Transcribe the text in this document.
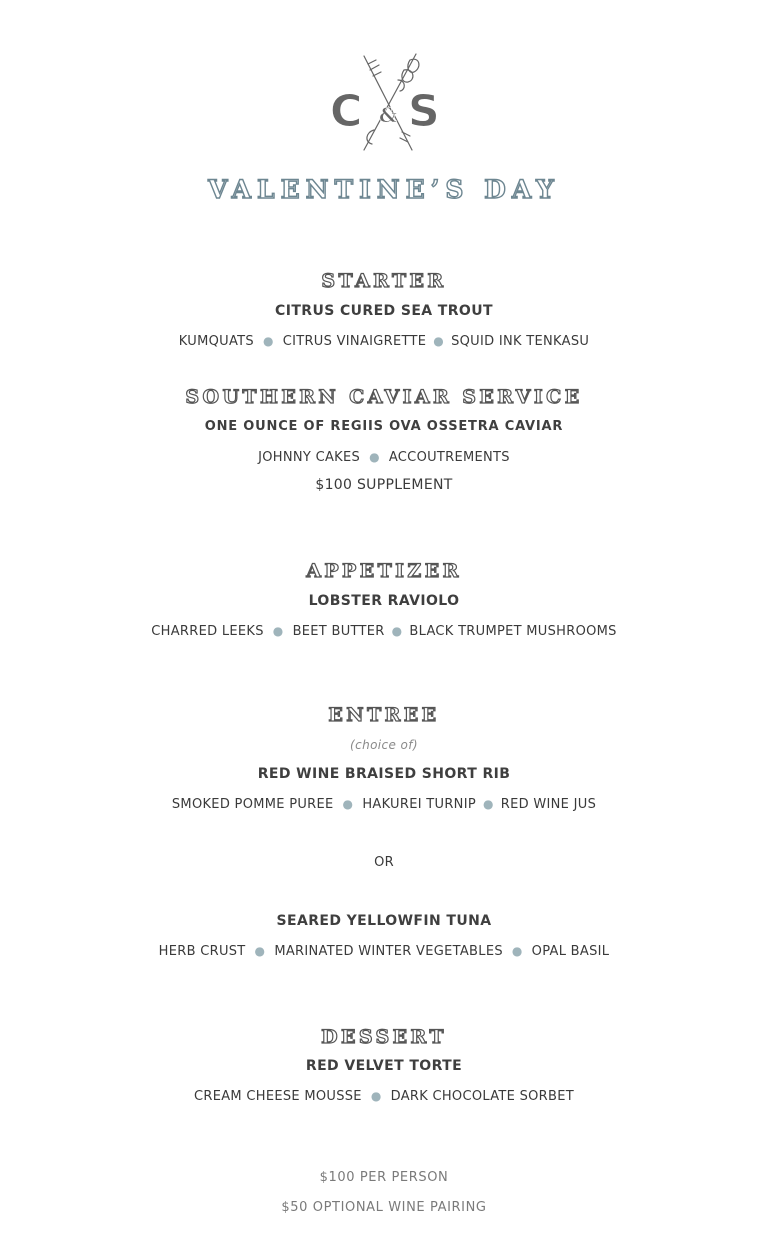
C & S
VALENTINE’S DAY
STARTER
CITRUS CURED SEA TROUT
KUMQUATS ● CITRUS VINAIGRETTE ● SQUID INK TENKASU
SOUTHERN CAVIAR SERVICE
ONE OUNCE OF REGIIS OVA OSSETRA CAVIAR
JOHNNY CAKES ● ACCOUTREMENTS
$100 SUPPLEMENT
APPETIZER
LOBSTER RAVIOLO
CHARRED LEEKS ● BEET BUTTER ● BLACK TRUMPET MUSHROOMS
ENTREE
(choice of)
RED WINE BRAISED SHORT RIB
SMOKED POMME PUREE ● HAKUREI TURNIP ● RED WINE JUS
OR
SEARED YELLOWFIN TUNA
HERB CRUST ● MARINATED WINTER VEGETABLES ● OPAL BASIL
DESSERT
RED VELVET TORTE
CREAM CHEESE MOUSSE ● DARK CHOCOLATE SORBET
$100 PER PERSON
$50 OPTIONAL WINE PAIRING
